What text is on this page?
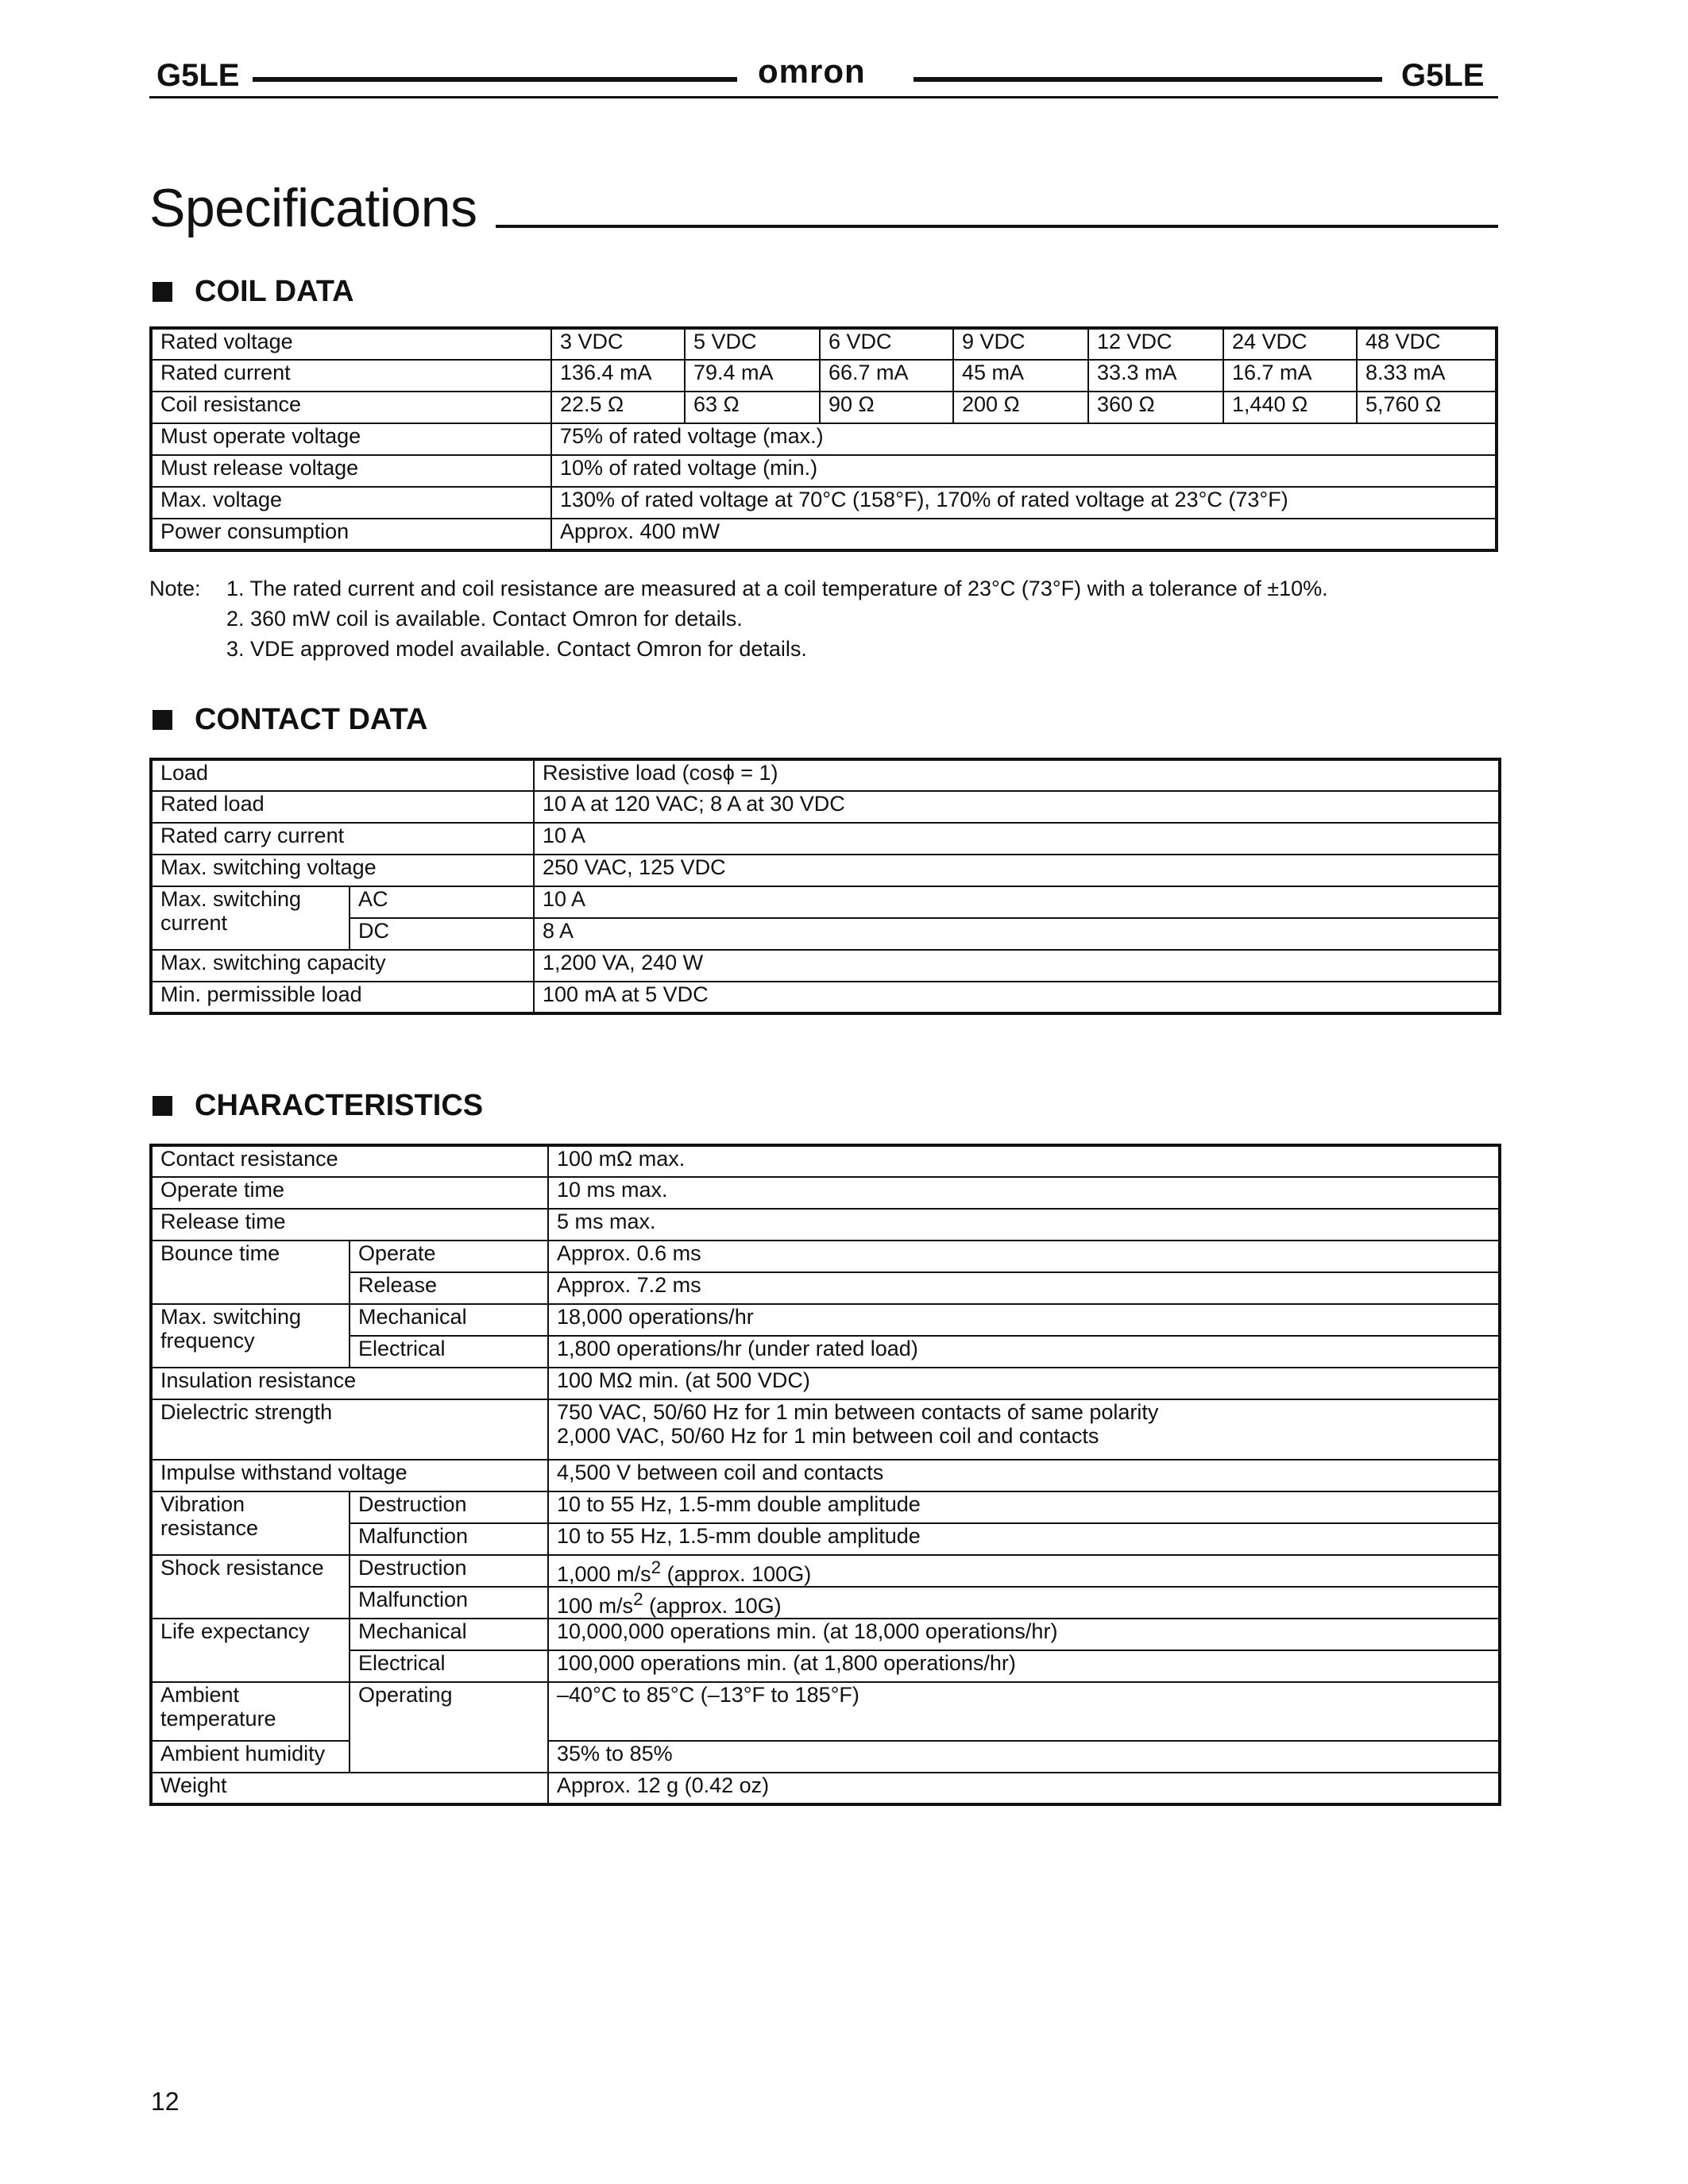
G5LE	omron	G5LE
Specifications
COIL DATA
Rated voltage	3 VDC	5 VDC	6 VDC	9 VDC	12 VDC	24 VDC	48 VDC
Rated current	136.4 mA	79.4 mA	66.7 mA	45 mA	33.3 mA	16.7 mA	8.33 mA
Coil resistance	22.5 Ω	63 Ω	90 Ω	200 Ω	360 Ω	1,440 Ω	5,760 Ω
Must operate voltage	75% of rated voltage (max.)						
Must release voltage	10% of rated voltage (min.)						
Max. voltage	130% of rated voltage at 70°C (158°F), 170% of rated voltage at 23°C (73°F)						
Power consumption	Approx. 400 mW						
Note: 1. The rated current and coil resistance are measured at a coil temperature of 23°C (73°F) with a tolerance of ±10%.
2. 360 mW coil is available. Contact Omron for details.
3. VDE approved model available. Contact Omron for details.
CONTACT DATA
Load		Resistive load (cosϕ = 1)
Rated load		10 A at 120 VAC; 8 A at 30 VDC
Rated carry current		10 A
Max. switching voltage		250 VAC, 125 VDC
Max. switching current	AC	10 A
	DC	8 A
Max. switching capacity		1,200 VA, 240 W
Min. permissible load		100 mA at 5 VDC
CHARACTERISTICS
Contact resistance		100 mΩ max.
Operate time		10 ms max.
Release time		5 ms max.
Bounce time	Operate	Approx. 0.6 ms
	Release	Approx. 7.2 ms
Max. switching frequency	Mechanical	18,000 operations/hr
	Electrical	1,800 operations/hr (under rated load)
Insulation resistance		100 MΩ min. (at 500 VDC)
Dielectric strength		750 VAC, 50/60 Hz for 1 min between contacts of same polarity
2,000 VAC, 50/60 Hz for 1 min between coil and contacts

Impulse withstand voltage		4,500 V between coil and contacts
Vibration resistance	Destruction	10 to 55 Hz, 1.5-mm double amplitude
	Malfunction	10 to 55 Hz, 1.5-mm double amplitude
Shock resistance	Destruction	1,000 $m/s^2$ (approx. 100G)
	Malfunction	100 $m/s^2$ (approx. 10G)
Life expectancy	Mechanical	10,000,000 operations min. (at 18,000 operations/hr)
	Electrical	100,000 operations min. (at 1,800 operations/hr)
Ambient temperature	Operating	–40°C to 85°C (–13°F to 185°F)
Ambient humidity		35% to 85%
Weight		Approx. 12 g (0.42 oz)
12
